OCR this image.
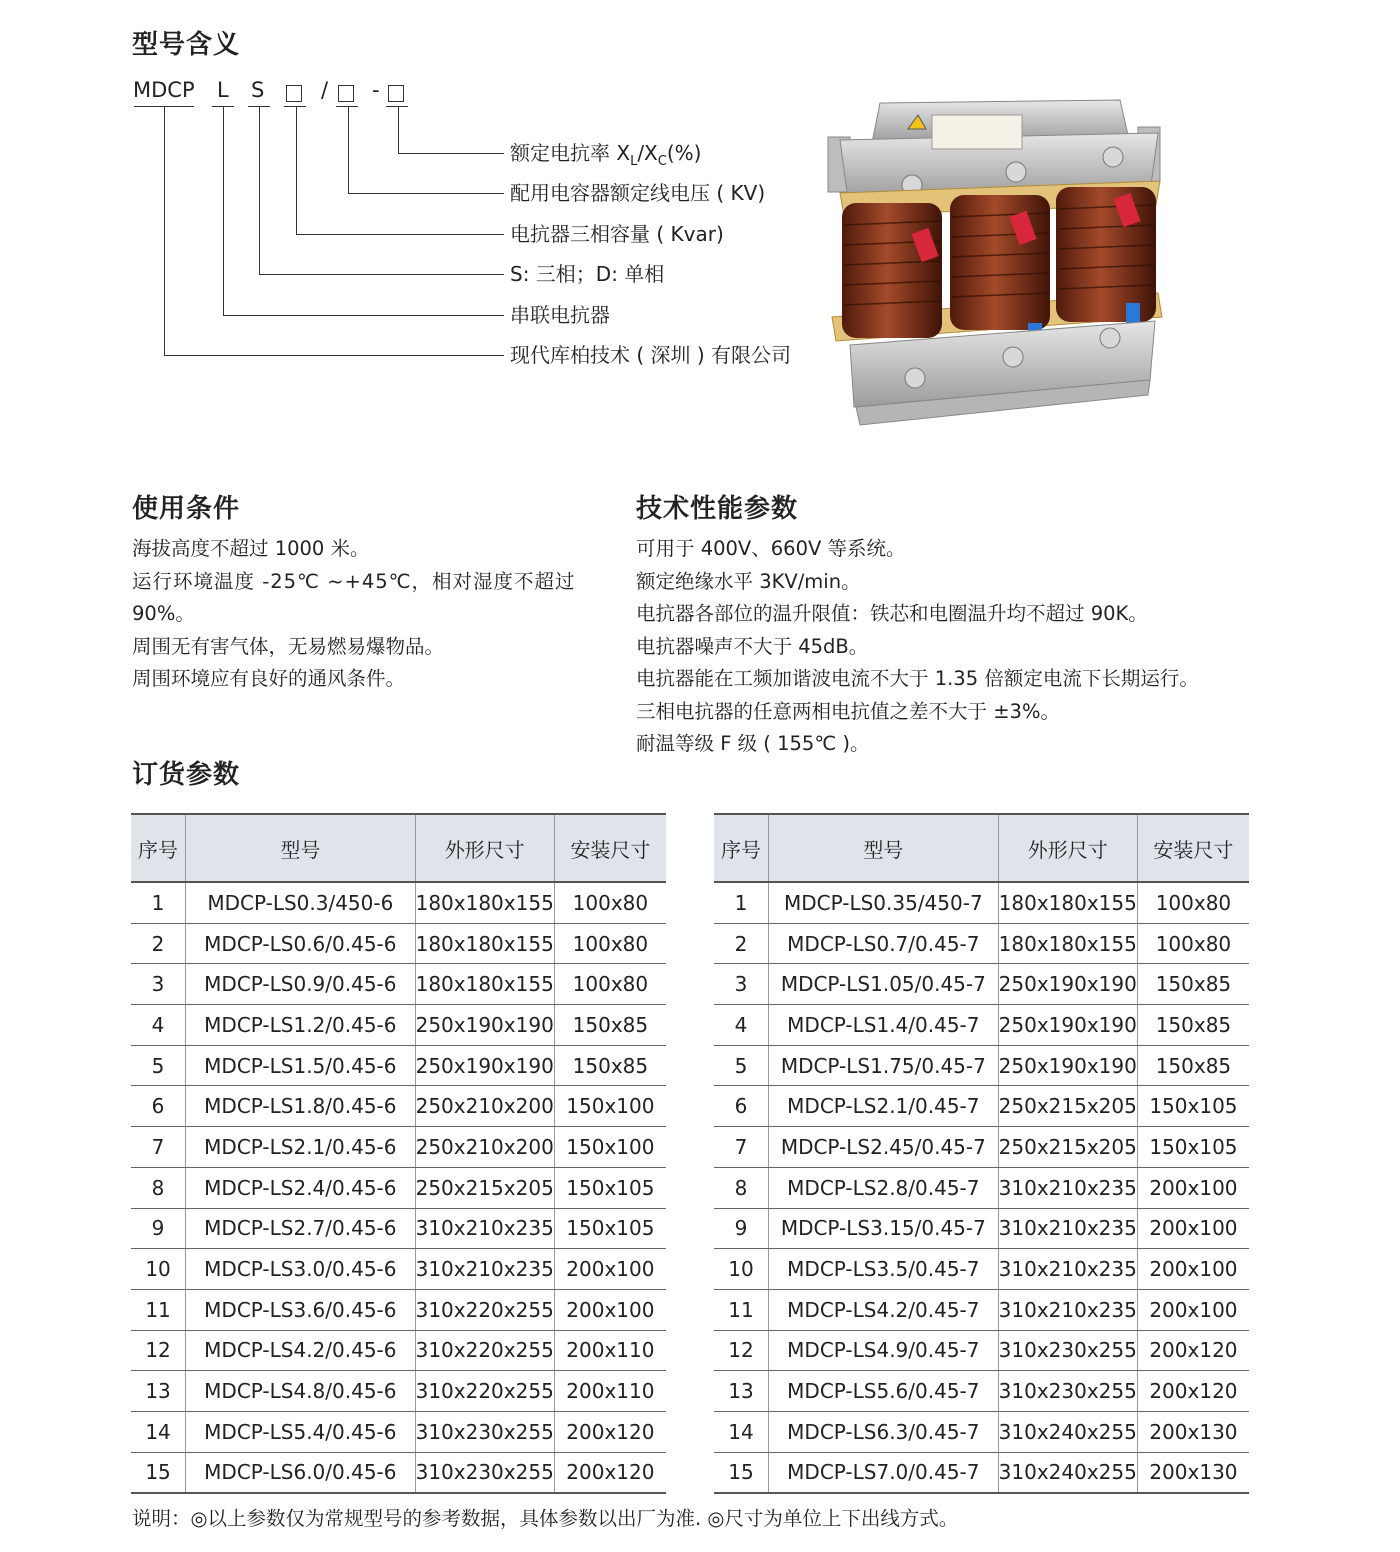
型号含义
MDCP L S	/ -
额定电抗率 $X_L/X_C(\%)$
配用电容器额定线电压 ( KV)
电抗器三相容量 ( Kvar)
S: 三相；D: 单相
串联电抗器
现代库柏技术 ( 深圳 ) 有限公司
使用条件
海拔高度不超过 1000 米。
运行环境温度 -25℃ ~+45℃，相对湿度不超过
90%。
周围无有害气体，无易燃易爆物品。
周围环境应有良好的通风条件。
技术性能参数
可用于 400V、660V 等系统。
额定绝缘水平 3KV/min。
电抗器各部位的温升限值：铁芯和电圈温升均不超过 90K。
电抗器噪声不大于 45dB。
电抗器能在工频加谐波电流不大于 1.35 倍额定电流下长期运行。
三相电抗器的任意两相电抗值之差不大于 ±3%。
耐温等级 F 级 ( 155℃ )。
订货参数
序号	型号	外形尺寸	安装尺寸
1	MDCP-LS0.3/450-6	180x180x155	100x80
2	MDCP-LS0.6/0.45-6	180x180x155	100x80
3	MDCP-LS0.9/0.45-6	180x180x155	100x80
4	MDCP-LS1.2/0.45-6	250x190x190	150x85
5	MDCP-LS1.5/0.45-6	250x190x190	150x85
6	MDCP-LS1.8/0.45-6	250x210x200	150x100
7	MDCP-LS2.1/0.45-6	250x210x200	150x100
8	MDCP-LS2.4/0.45-6	250x215x205	150x105
9	MDCP-LS2.7/0.45-6	310x210x235	150x105
10	MDCP-LS3.0/0.45-6	310x210x235	200x100
11	MDCP-LS3.6/0.45-6	310x220x255	200x100
12	MDCP-LS4.2/0.45-6	310x220x255	200x110
13	MDCP-LS4.8/0.45-6	310x220x255	200x110
14	MDCP-LS5.4/0.45-6	310x230x255	200x120
15	MDCP-LS6.0/0.45-6	310x230x255	200x120
序号	型号	外形尺寸	安装尺寸
1	MDCP-LS0.35/450-7	180x180x155	100x80
2	MDCP-LS0.7/0.45-7	180x180x155	100x80
3	MDCP-LS1.05/0.45-7	250x190x190	150x85
4	MDCP-LS1.4/0.45-7	250x190x190	150x85
5	MDCP-LS1.75/0.45-7	250x190x190	150x85
6	MDCP-LS2.1/0.45-7	250x215x205	150x105
7	MDCP-LS2.45/0.45-7	250x215x205	150x105
8	MDCP-LS2.8/0.45-7	310x210x235	200x100
9	MDCP-LS3.15/0.45-7	310x210x235	200x100
10	MDCP-LS3.5/0.45-7	310x210x235	200x100
11	MDCP-LS4.2/0.45-7	310x210x235	200x100
12	MDCP-LS4.9/0.45-7	310x230x255	200x120
13	MDCP-LS5.6/0.45-7	310x230x255	200x120
14	MDCP-LS6.3/0.45-7	310x240x255	200x130
15	MDCP-LS7.0/0.45-7	310x240x255	200x130
说明：◎以上参数仅为常规型号的参考数据，具体参数以出厂为准. ◎尺寸为单位上下出线方式。
